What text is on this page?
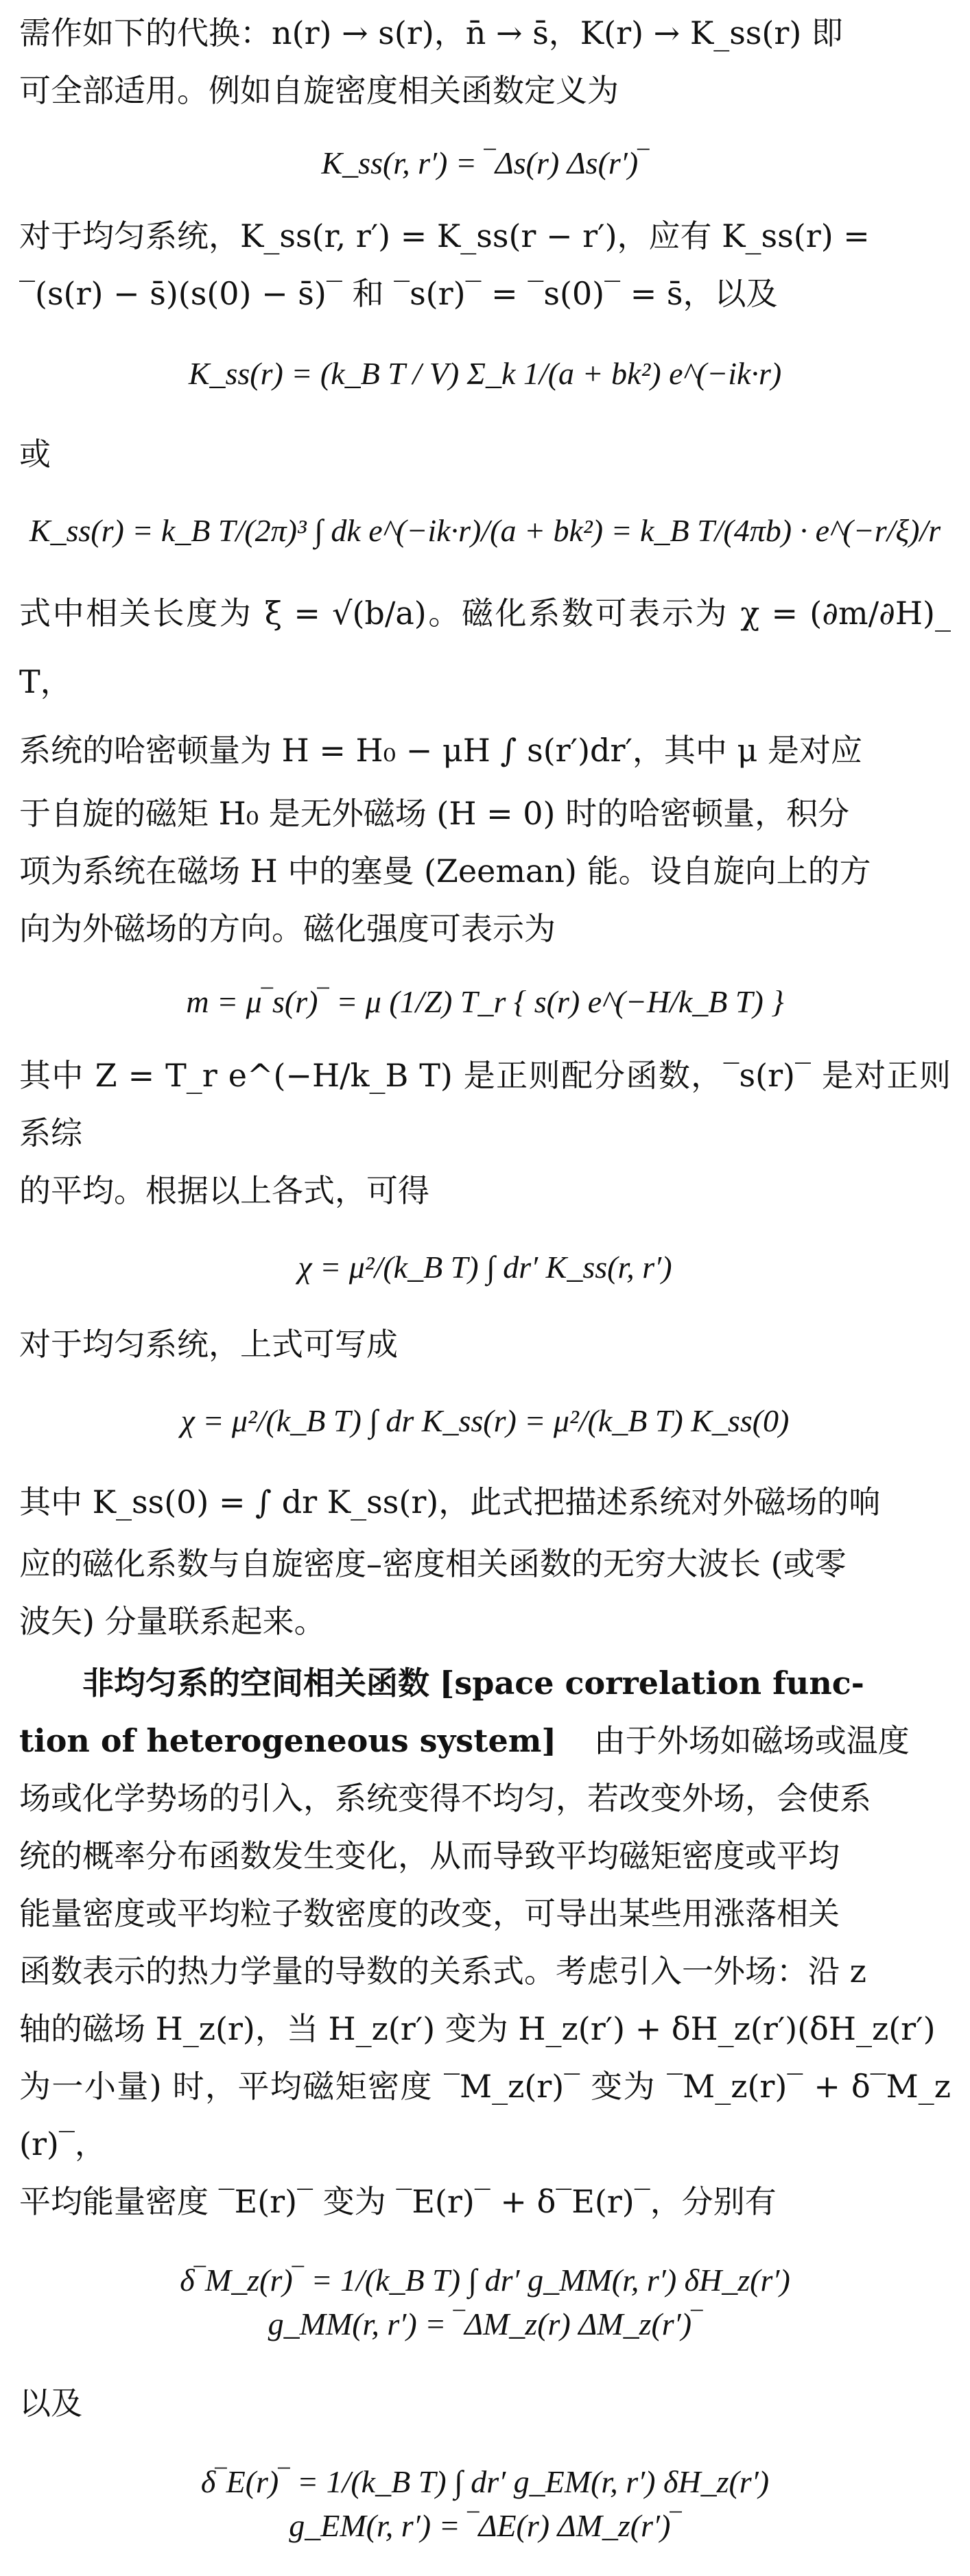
需作如下的代换：n(r) → s(r)，n̄ → s̄，K(r) → K_ss(r) 即

可全部适用。例如自旋密度相关函数定义为

K_ss(r, r′) = ‾Δs(r) Δs(r′)‾

对于均匀系统，K_ss(r, r′) = K_ss(r − r′)，应有 K_ss(r) =

‾(s(r) − s̄)(s(0) − s̄)‾ 和 ‾s(r)‾ = ‾s(0)‾ = s̄，以及

K_ss(r) = (k_B T / V) Σ_k 1/(a + bk²) e^(−ik·r)

或

K_ss(r) = k_B T/(2π)³ ∫ dk e^(−ik·r)/(a + bk²) = k_B T/(4πb) · e^(−r/ξ)/r

式中相关长度为 ξ = √(b/a)。磁化系数可表示为 χ = (∂m/∂H)_T，

系统的哈密顿量为 H = H₀ − μH ∫ s(r′)dr′，其中 μ 是对应

于自旋的磁矩 H₀ 是无外磁场 (H = 0) 时的哈密顿量，积分

项为系统在磁场 H 中的塞曼 (Zeeman) 能。设自旋向上的方

向为外磁场的方向。磁化强度可表示为

m = μ‾s(r)‾ = μ (1/Z) T_r { s(r) e^(−H/k_B T) }

其中 Z = T_r e^(−H/k_B T) 是正则配分函数，‾s(r)‾ 是对正则系综

的平均。根据以上各式，可得

χ = μ²/(k_B T) ∫ dr′ K_ss(r, r′)

对于均匀系统，上式可写成

χ = μ²/(k_B T) ∫ dr K_ss(r) = μ²/(k_B T) K_ss(0)

其中 K_ss(0) = ∫ dr K_ss(r)，此式把描述系统对外磁场的响

应的磁化系数与自旋密度–密度相关函数的无穷大波长 (或零

波矢) 分量联系起来。

非均匀系的空间相关函数 [space correlation func-

tion of heterogeneous system] 由于外场如磁场或温度

场或化学势场的引入，系统变得不均匀，若改变外场，会使系

统的概率分布函数发生变化，从而导致平均磁矩密度或平均

能量密度或平均粒子数密度的改变，可导出某些用涨落相关

函数表示的热力学量的导数的关系式。考虑引入一外场：沿 z

轴的磁场 H_z(r)，当 H_z(r′) 变为 H_z(r′) + δH_z(r′)(δH_z(r′)

为一小量) 时，平均磁矩密度 ‾M_z(r)‾ 变为 ‾M_z(r)‾ + δ‾M_z(r)‾，

平均能量密度 ‾E(r)‾ 变为 ‾E(r)‾ + δ‾E(r)‾，分别有

δ‾M_z(r)‾ = 1/(k_B T) ∫ dr′ g_MM(r, r′) δH_z(r′)

g_MM(r, r′) = ‾ΔM_z(r) ΔM_z(r′)‾

以及

δ‾E(r)‾ = 1/(k_B T) ∫ dr′ g_EM(r, r′) δH_z(r′)

g_EM(r, r′) = ‾ΔE(r) ΔM_z(r′)‾
